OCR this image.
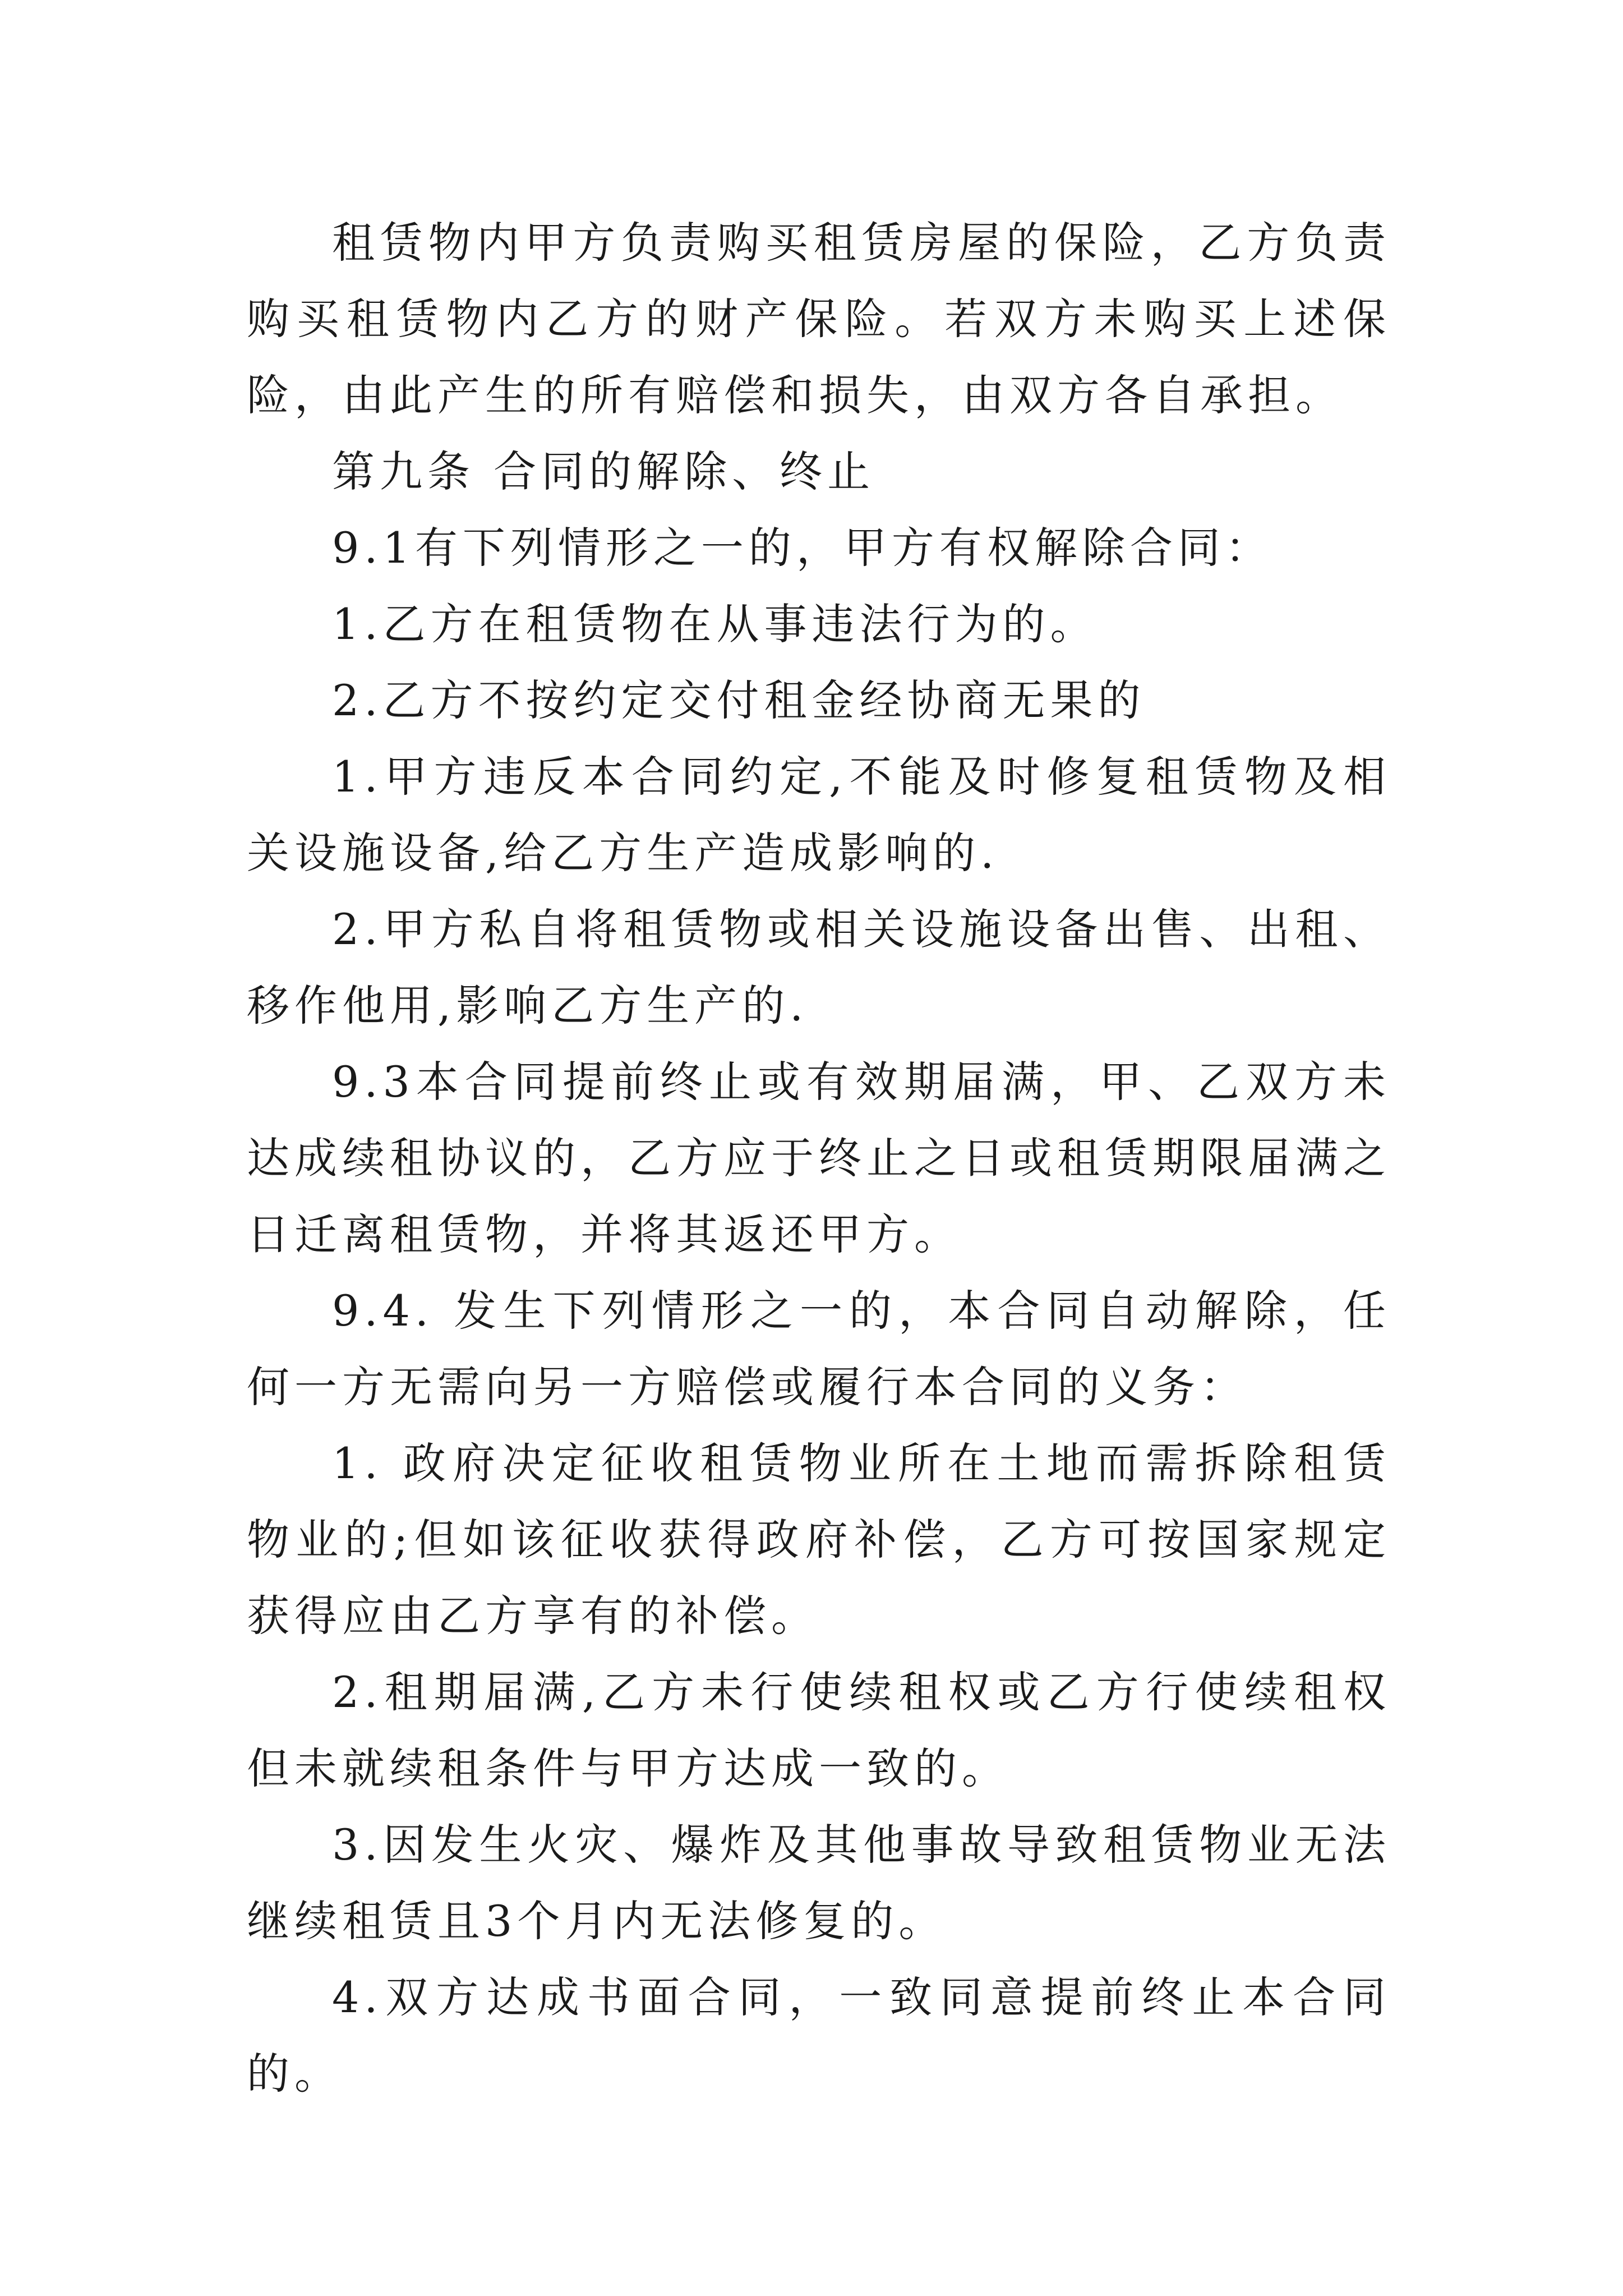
租赁物内甲方负责购买租赁房屋的保险，乙方负责购买租赁物内乙方的财产保险。若双方未购买上述保险，由此产生的所有赔偿和损失，由双方各自承担。

第九条 合同的解除、终止

9.1有下列情形之一的，甲方有权解除合同：

1.乙方在租赁物在从事违法行为的。

2.乙方不按约定交付租金经协商无果的

1.甲方违反本合同约定,不能及时修复租赁物及相关设施设备,给乙方生产造成影响的.

2.甲方私自将租赁物或相关设施设备出售、出租、移作他用,影响乙方生产的.

9.3本合同提前终止或有效期届满，甲、乙双方未达成续租协议的，乙方应于终止之日或租赁期限届满之日迁离租赁物，并将其返还甲方。

9.4. 发生下列情形之一的，本合同自动解除，任何一方无需向另一方赔偿或履行本合同的义务：

1. 政府决定征收租赁物业所在土地而需拆除租赁物业的;但如该征收获得政府补偿，乙方可按国家规定获得应由乙方享有的补偿。

2.租期届满,乙方未行使续租权或乙方行使续租权但未就续租条件与甲方达成一致的。

3.因发生火灾、爆炸及其他事故导致租赁物业无法继续租赁且3个月内无法修复的。

4.双方达成书面合同，一致同意提前终止本合同的。
